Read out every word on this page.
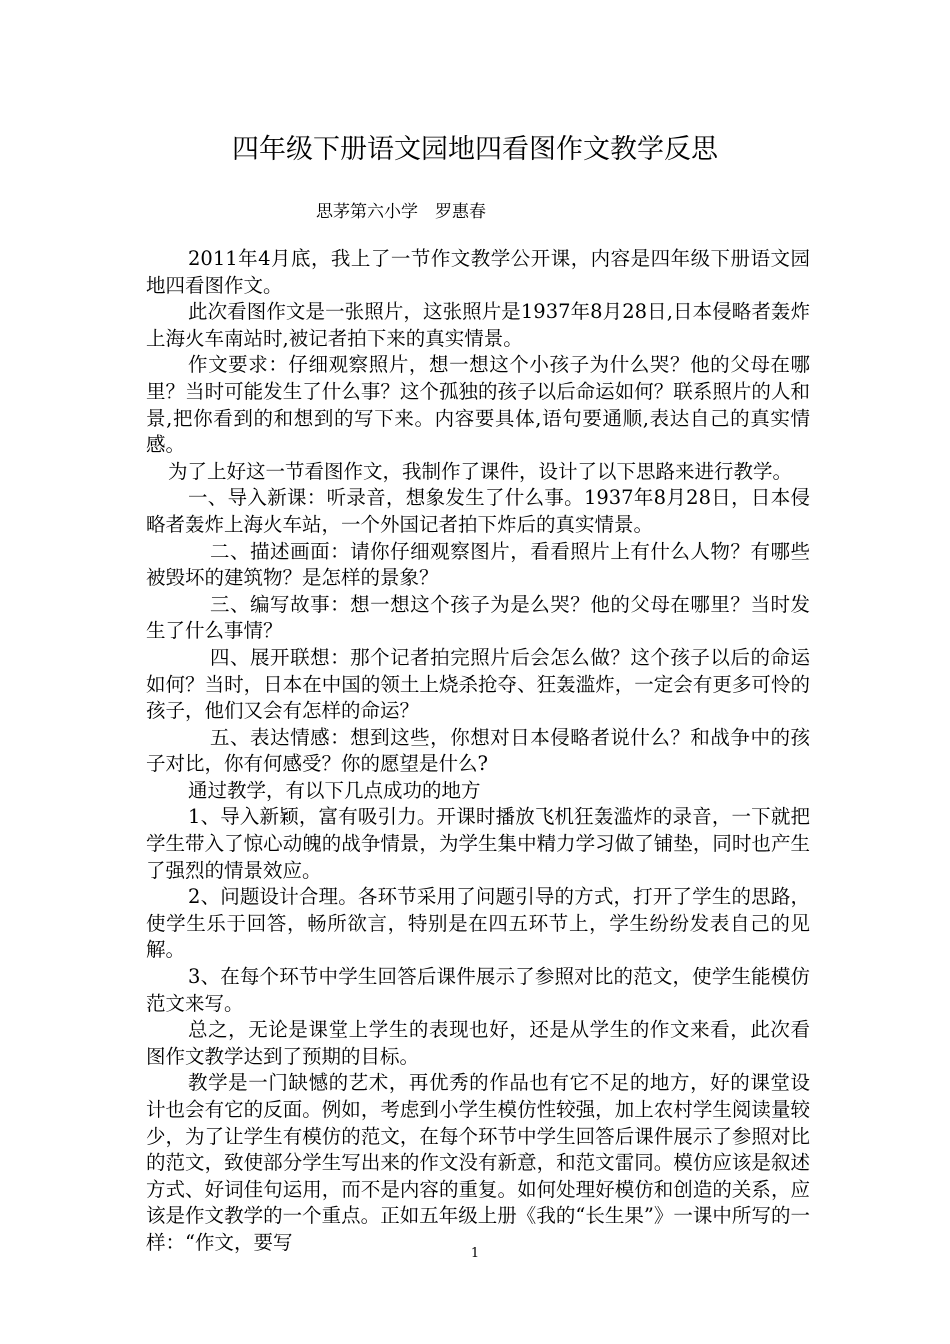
四年级下册语文园地四看图作文教学反思
思茅第六小学　罗惠春

2011年4月底，我上了一节作文教学公开课，内容是四年级下册语文园地四看图作文。

此次看图作文是一张照片，这张照片是1937年8月28日,日本侵略者轰炸上海火车南站时,被记者拍下来的真实情景。

作文要求：仔细观察照片，想一想这个小孩子为什么哭？他的父母在哪里？当时可能发生了什么事？这个孤独的孩子以后命运如何？联系照片的人和景,把你看到的和想到的写下来。内容要具体,语句要通顺,表达自己的真实情感。

为了上好这一节看图作文，我制作了课件，设计了以下思路来进行教学。

一、导入新课：听录音，想象发生了什么事。1937年8月28日，日本侵略者轰炸上海火车站，一个外国记者拍下炸后的真实情景。

二、描述画面：请你仔细观察图片，看看照片上有什么人物？有哪些被毁坏的建筑物？是怎样的景象？

三、编写故事：想一想这个孩子为是么哭？他的父母在哪里？当时发生了什么事情？

四、展开联想：那个记者拍完照片后会怎么做？这个孩子以后的命运如何？当时，日本在中国的领土上烧杀抢夺、狂轰滥炸，一定会有更多可怜的孩子，他们又会有怎样的命运？

五、表达情感：想到这些，你想对日本侵略者说什么？和战争中的孩子对比，你有何感受？你的愿望是什么?

通过教学，有以下几点成功的地方

1、导入新颖，富有吸引力。开课时播放飞机狂轰滥炸的录音，一下就把学生带入了惊心动魄的战争情景，为学生集中精力学习做了铺垫，同时也产生了强烈的情景效应。

2、问题设计合理。各环节采用了问题引导的方式，打开了学生的思路，使学生乐于回答，畅所欲言，特别是在四五环节上，学生纷纷发表自己的见解。

3、在每个环节中学生回答后课件展示了参照对比的范文，使学生能模仿范文来写。

总之，无论是课堂上学生的表现也好，还是从学生的作文来看，此次看图作文教学达到了预期的目标。

教学是一门缺憾的艺术，再优秀的作品也有它不足的地方，好的课堂设计也会有它的反面。例如，考虑到小学生模仿性较强，加上农村学生阅读量较少，为了让学生有模仿的范文，在每个环节中学生回答后课件展示了参照对比的范文，致使部分学生写出来的作文没有新意，和范文雷同。模仿应该是叙述方式、好词佳句运用，而不是内容的重复。如何处理好模仿和创造的关系，应该是作文教学的一个重点。正如五年级上册《我的“长生果”》一课中所写的一样：“作文，要写	1
